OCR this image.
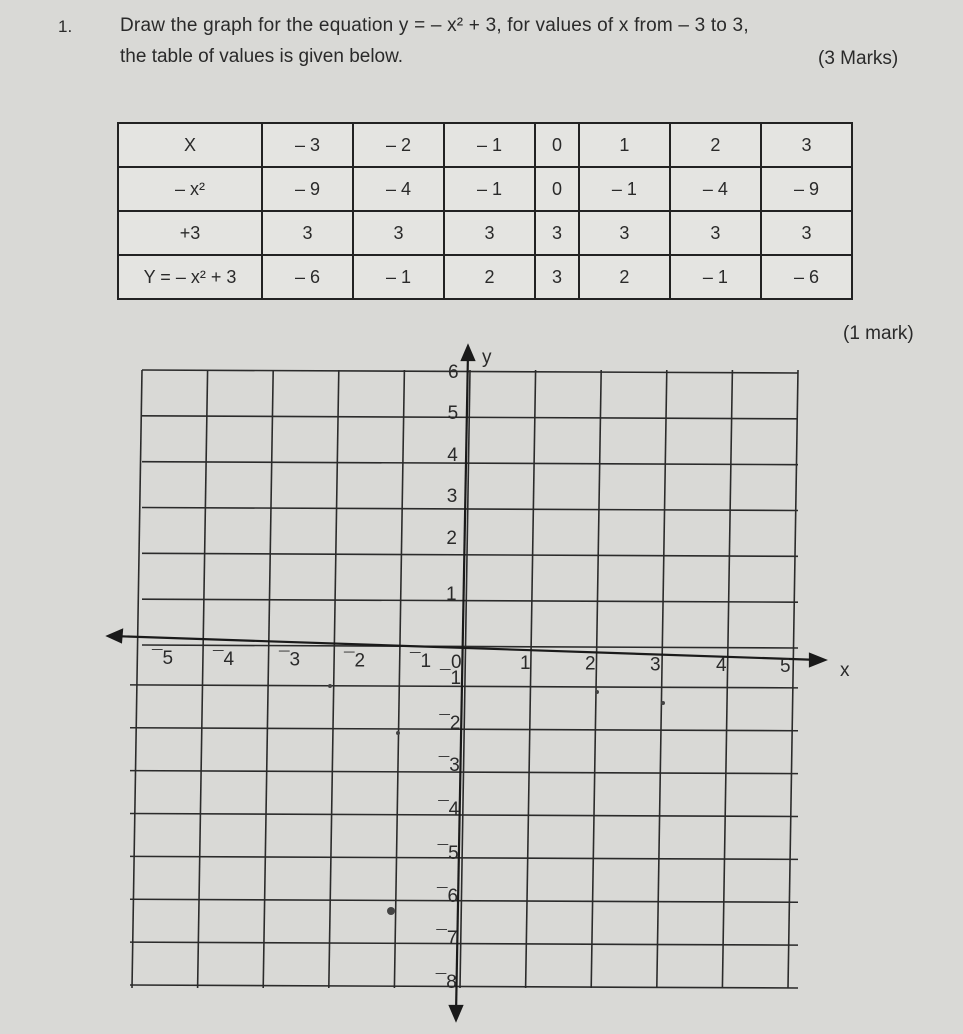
1.	Draw the graph for the equation y = – x² + 3, for values of x from – 3 to 3,
the table of values is given below.	(3 Marks)
X	– 3	– 2	– 1	0	1	2	3
– x²	– 9	– 4	– 1	0	– 1	– 4	– 9
+3	3	3	3	3	3	3	3
Y = – x² + 3	– 6	– 1	2	3	2	– 1	– 6
(1 mark)
y
x
¯5 ¯4 ¯3 ¯2 ¯1 0	1	2	3	4	5
6
5
4
3
2
1
¯1
¯2
¯3
¯4
¯5
¯6
¯7
¯8
